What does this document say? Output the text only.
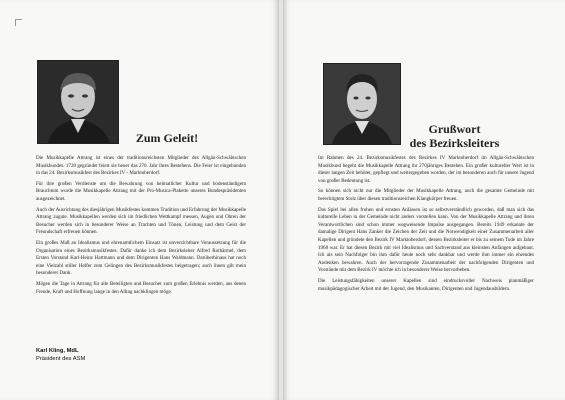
Zum Geleit!

Die Musikkapelle Attrang ist eines der traditionsreichsten Mitglieder des Allgäu-Schwäbischen Musikbundes. 1720 gegründet feiert sie heuer das 270. Jahr ihres Bestehens. Die Feier ist eingebunden in das 24. Bezirksmusikfest des Bezirkes IV - Marktoberdorf.

Für ihre großen Verdienste um die Bewahrung von heimatlicher Kultur und bodenständigem Brauchtum wurde die Musikkapelle Attrang mit der Pro-Musica-Plakette unseres Bundespräsidenten ausgezeichnet.

Auch der Ausrichtung des diesjährigen Musikfestes kommen Tradition und Erfahrung der Musikkapelle Attrang zugute. Musikkapellen werden sich im friedlichen Wettkampf messen, Augen und Ohren der Besucher werden sich in besonderer Weise an Trachten und Tönen, Leistung und dem Geist der Freundschaft erfreuen können.

Ein großes Maß an Idealismus und ehrenamtlichem Einsatz ist unverzichtbare Voraussetzung für die Organisation eines Bezirksmusikfestes. Dafür danke ich dem Bezirksleiter Alfred Rothärmel, dem Ersten Vorstand Karl-Heinz Hartmann und dem Dirigenten Hans Waldmann. Darüberhinaus hat noch eine Vielzahl stiller Helfer zum Gelingen des Bezirksmusikfestes beigetragen; auch ihnen gilt mein besonderer Dank.

Mögen die Tage in Attrang für alle Beteiligten und Besucher zum großen Erlebnis werden, aus denen Freude, Kraft und Hoffnung lange in den Alltag nachklingen möge.

Karl Kling, MdL
Präsident des ASM
Grußwort
des Bezirksleiters

Im Rahmen des 24. Bezirksmusikfestes des Bezirkes IV Marktoberdorf im Allgäu-Schwäbischen Musikbund begeht die Musikkapelle Attrang ihr 270jähriges Bestehen. Ein großer kultureller Wert ist in dieser langen Zeit behütet, gepflegt und weitergegeben worden, der im besonderen auch für unsere Jugend von großer Bedeutung ist.

So können sich nicht nur die Mitglieder der Musikkapelle Attrang, auch die gesamte Gemeinde mit berechtigtem Stolz über diesen traditionsreichen Klangkörper freuen.

Das Spiel bei allen frohen und ernsten Anlässen ist so selbstverständlich geworden, daß man sich das kulturelle Leben in der Gemeinde nicht anders vorstellen kann. Von der Musikkapelle Attrang und ihren Verantwortlichen sind schon immer wegweisende Impulse ausgegangen. Bereits 1949 erkannte der damalige Dirigent Hans Zanker die Zeichen der Zeit und die Notwendigkeit einer Zusammenarbeit aller Kapellen und gründete den Bezirk IV Marktoberdorf, dessen Bezirksleiter er bis zu seinem Tode im Jahre 1968 war. Er hat diesen Bezirk mit viel Idealismus und Sachverstand aus kleinsten Anfängen aufgebaut. Ich als sein Nachfolger bin ihm dafür heute noch sehr dankbar und werde ihm immer ein ehrendes Andenken bewahren. Auch der hervorragende Zusammenarbeit der nachfolgenden Dirigenten und Vorstände mit dem Bezirk IV möchte ich in besonderer Weise hervorheben.

Die Leistungsfähigkeiten unserer Kapellen sind eindrucksvoller Nachweis planmäßiger musikpädagogischer Arbeit mit der Jugend, den Musikanten, Dirigenten und Jugendausbildern.
